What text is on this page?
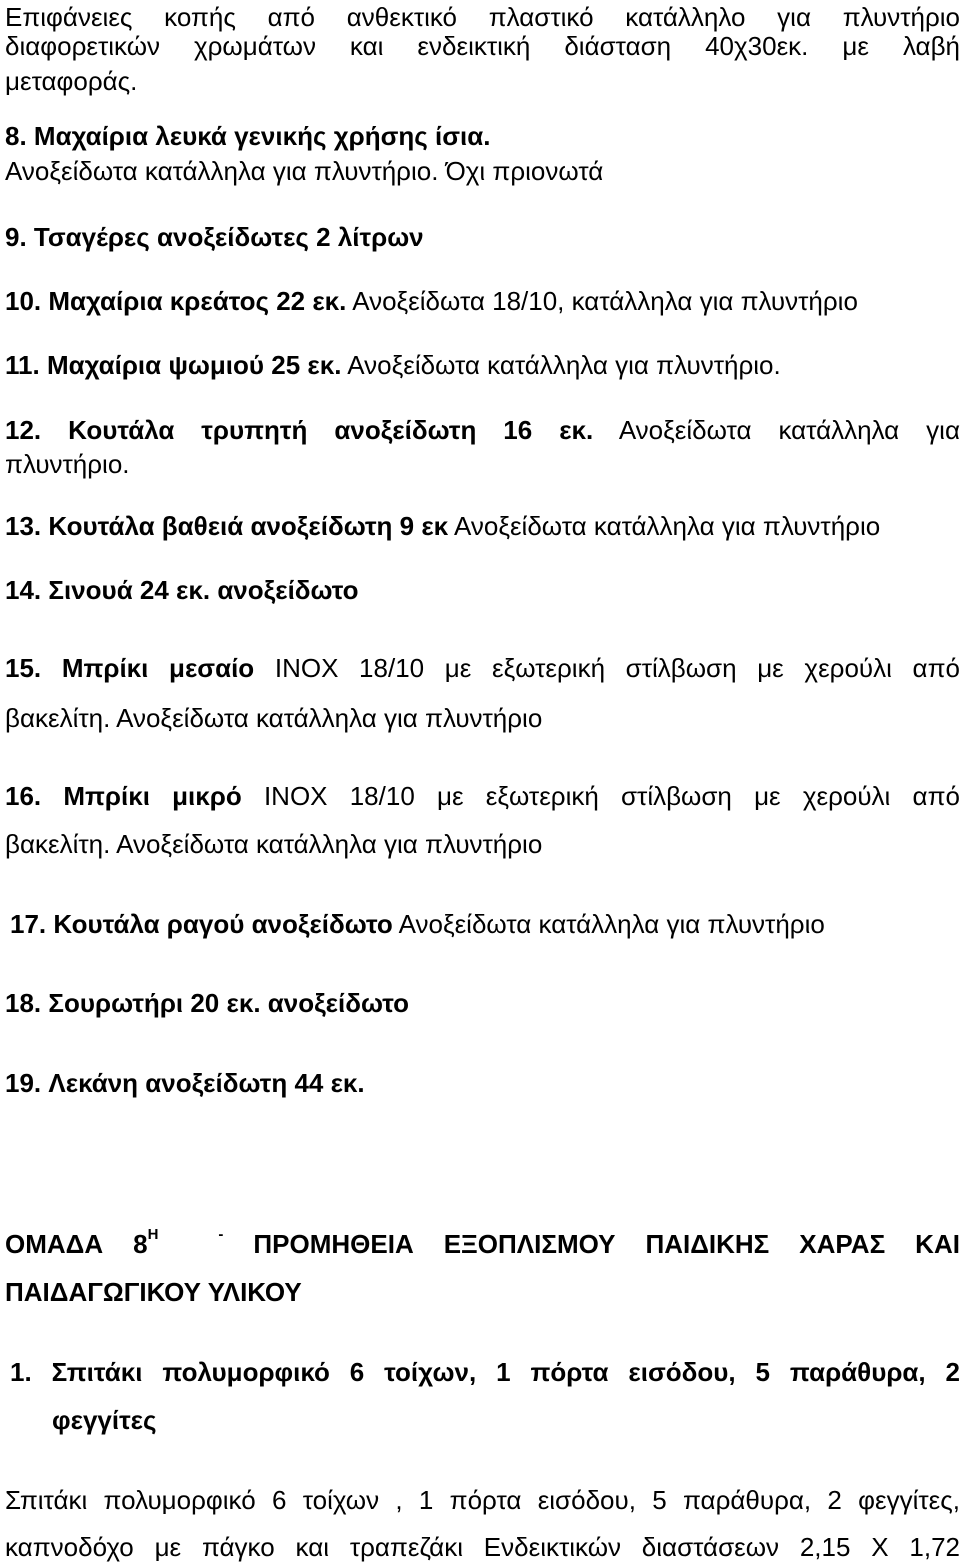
Επιφάνειες κοπής από ανθεκτικό πλαστικό κατάλληλο για πλυντήριο
διαφορετικών χρωμάτων και ενδεικτική διάσταση 40χ30εκ. με λαβή
μεταφοράς.
8. Μαχαίρια λευκά γενικής χρήσης ίσια.
Ανοξείδωτα κατάλληλα για πλυντήριο. Όχι πριονωτά
9. Τσαγέρες ανοξείδωτες 2 λίτρων
10. Μαχαίρια κρεάτος 22 εκ. Ανοξείδωτα 18/10, κατάλληλα για πλυντήριο
11. Μαχαίρια ψωμιού 25 εκ. Ανοξείδωτα κατάλληλα για πλυντήριο.
12. Κουτάλα τρυπητή ανοξείδωτη 16 εκ. Ανοξείδωτα κατάλληλα για
πλυντήριο.
13. Κουτάλα βαθειά ανοξείδωτη 9 εκ Ανοξείδωτα κατάλληλα για πλυντήριο
14. Σινουά 24 εκ. ανοξείδωτο
15. Μπρίκι μεσαίο INOX 18/10 με εξωτερική στίλβωση με χερούλι από
βακελίτη. Ανοξείδωτα κατάλληλα για πλυντήριο
16. Μπρίκι μικρό INOX 18/10 με εξωτερική στίλβωση με χερούλι από
βακελίτη. Ανοξείδωτα κατάλληλα για πλυντήριο
17. Κουτάλα ραγού ανοξείδωτο Ανοξείδωτα κατάλληλα για πλυντήριο
18. Σουρωτήρι 20 εκ. ανοξείδωτο
19. Λεκάνη ανοξείδωτη 44 εκ.
ΟΜΑΔΑ $8^H$	- ΠΡΟΜΗΘΕΙΑ ΕΞΟΠΛΙΣΜΟΥ ΠΑΙΔΙΚΗΣ ΧΑΡΑΣ ΚΑΙ
ΠΑΙΔΑΓΩΓΙΚΟΥ ΥΛΙΚΟΥ
1. Σπιτάκι πολυμορφικό 6 τοίχων, 1 πόρτα εισόδου, 5 παράθυρα, 2
φεγγίτες
Σπιτάκι πολυμορφικό 6 τοίχων , 1 πόρτα εισόδου, 5 παράθυρα, 2 φεγγίτες,
καπνοδόχο με πάγκο και τραπεζάκι Ενδεικτικών διαστάσεων 2,15 Χ 1,72
